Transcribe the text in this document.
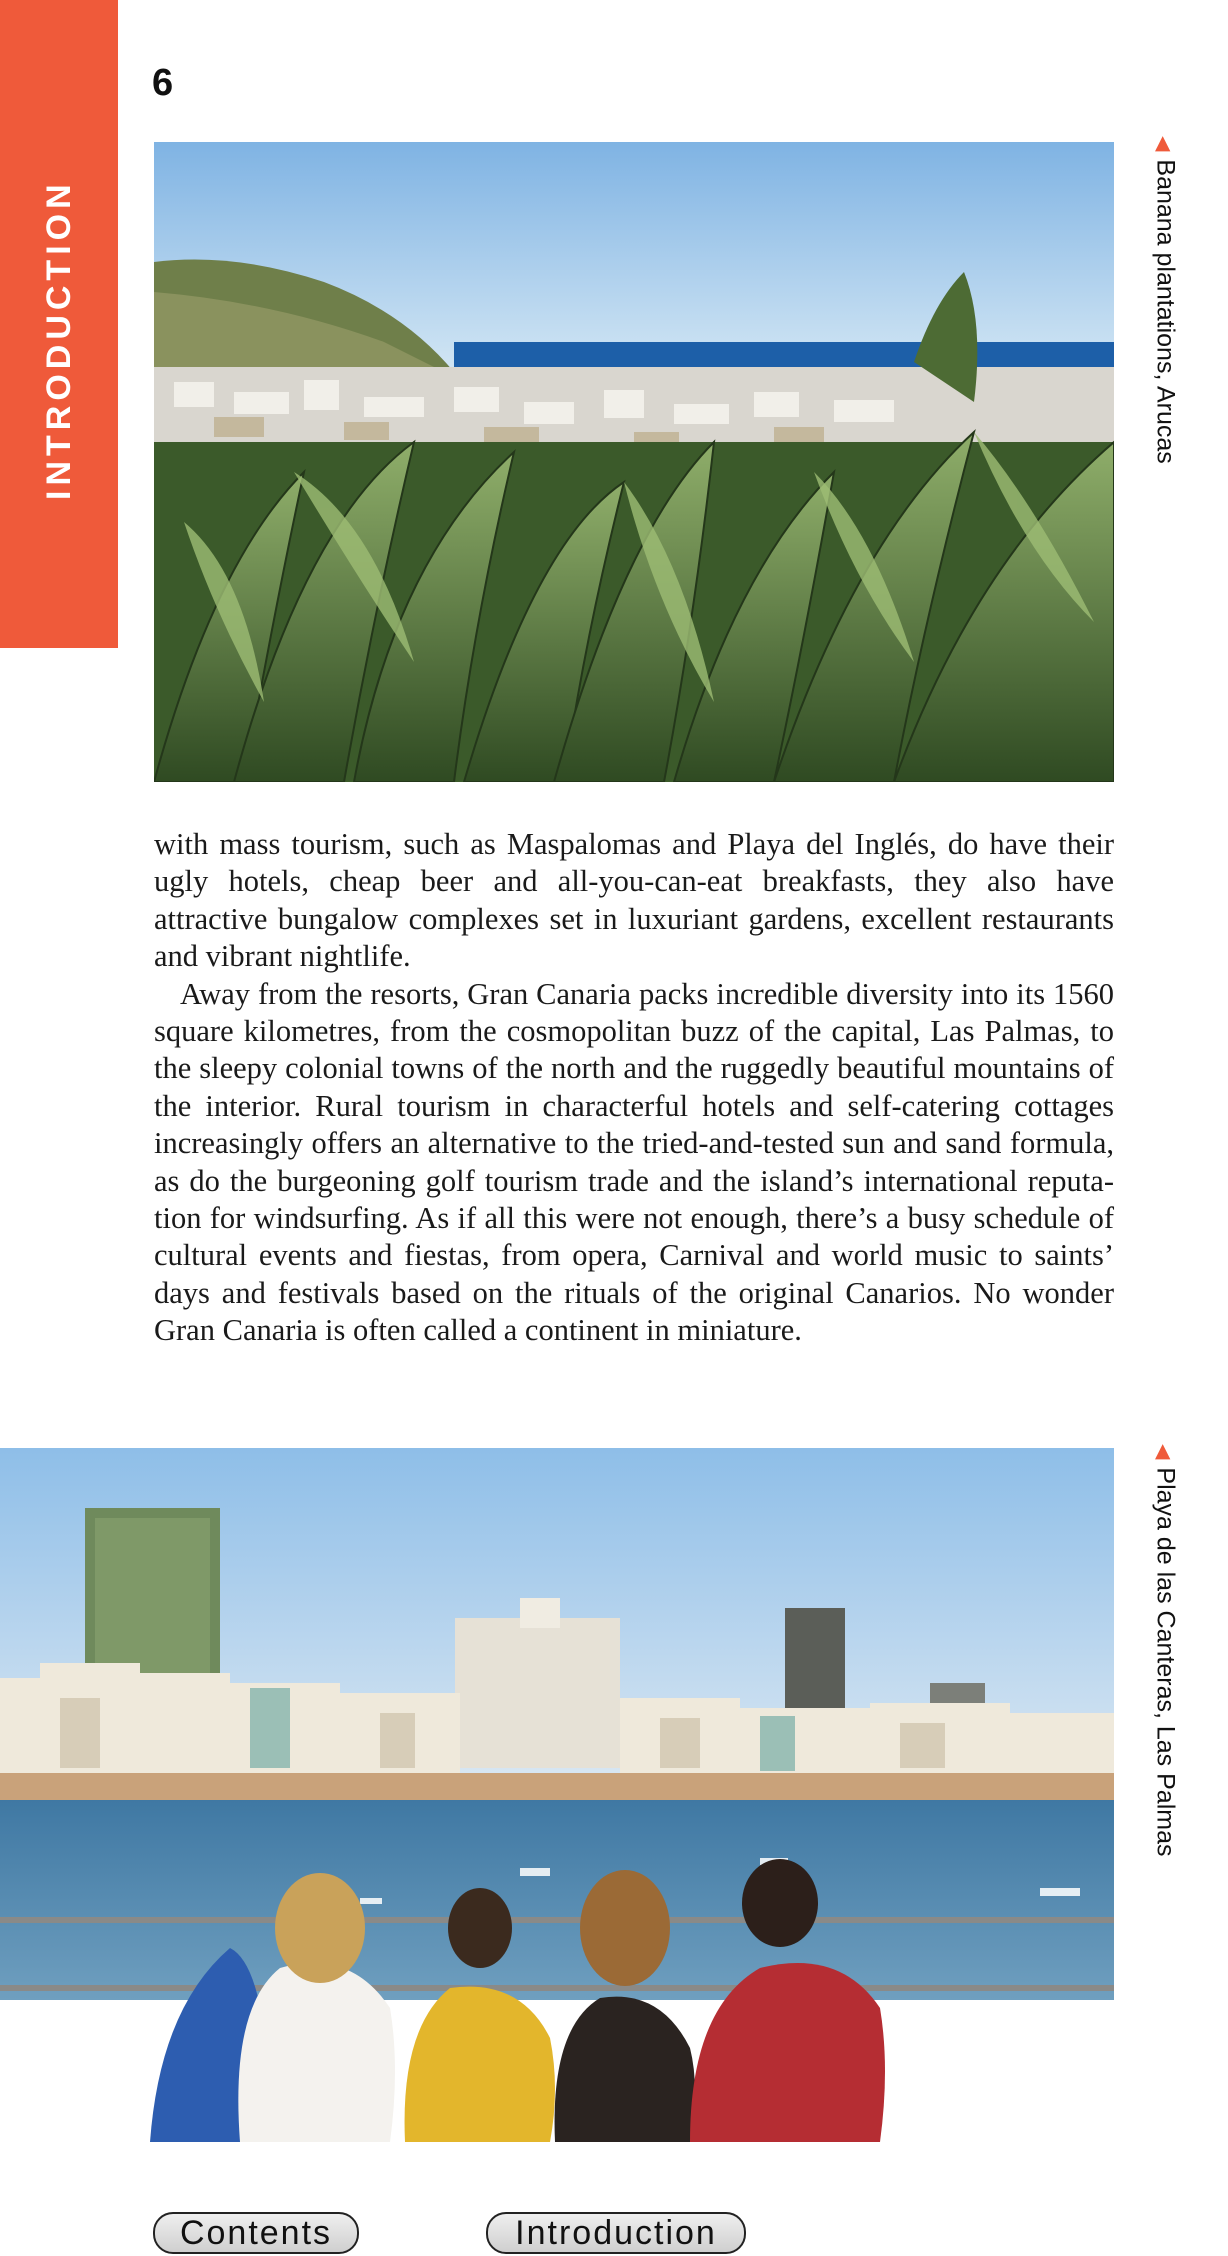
INTRODUCTION
6
◀Banana plantations, Arucas

with mass tourism, such as Maspalomas and Playa del Inglés, do have their ugly hotels, cheap beer and all-you-can-eat breakfasts, they also have attractive bungalow complexes set in luxuriant gardens, excellent restaurants and vibrant nightlife.

Away from the resorts, Gran Canaria packs incredible diversity into its 1560 square kilometres, from the cosmopolitan buzz of the capital, Las Palmas, to the sleepy colonial towns of the north and the ruggedly beautiful mountains of the interior. Rural tourism in characterful hotels and self-catering cottages increasingly offers an alternative to the tried-and-tested sun and sand formula, as do the burgeoning golf tourism trade and the island’s international reputation for windsurfing. As if all this were not enough, there’s a busy schedule of cultural events and fiestas, from opera, Carnival and world music to saints’ days and festivals based on the rituals of the original Canarios. No wonder Gran Canaria is often called a continent in miniature.

◀Playa de las Canteras, Las Palmas
Contents	Introduction
